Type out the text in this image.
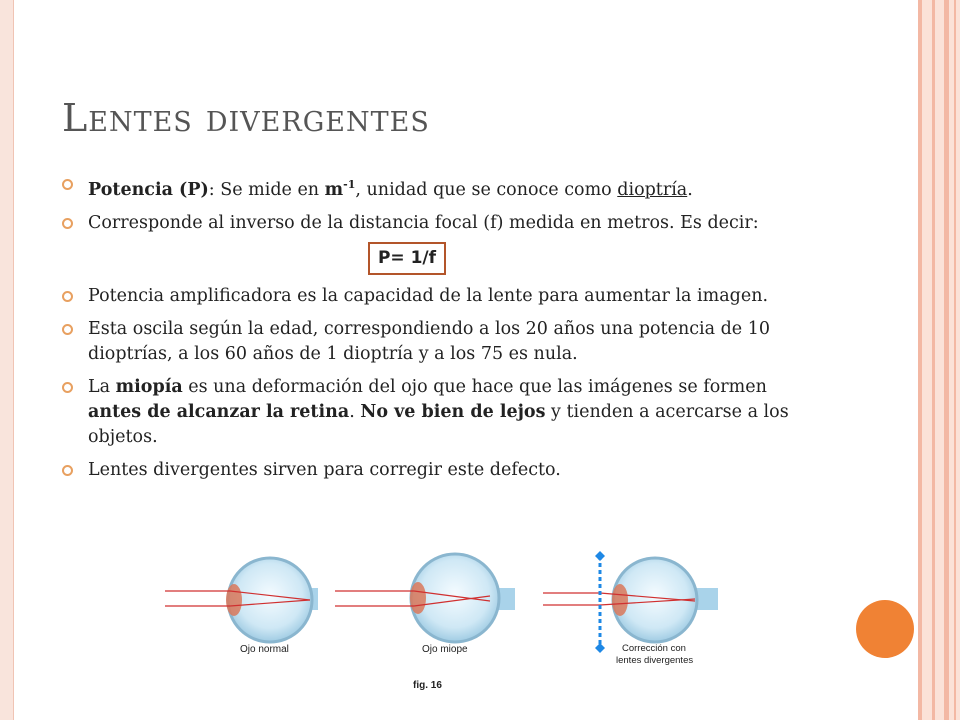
Lentes divergentes
Potencia (P): Se mide en $m^{-1}$, unidad que se conoce como dioptría.
Corresponde al inverso de la distancia focal (f) medida en metros. Es decir:
P= 1/f
Potencia amplificadora es la capacidad de la lente para aumentar la imagen.
Esta oscila según la edad, correspondiendo a los 20 años una potencia de 10 dioptrías, a los 60 años de 1 dioptría y a los 75 es nula.
La miopía es una deformación del ojo que hace que las imágenes se formen antes de alcanzar la retina. No ve bien de lejos y tienden a acercarse a los objetos.
Lentes divergentes sirven para corregir este defecto.
Ojo normal	Ojo miope	Corrección con
lentes divergentes
fig. 16
